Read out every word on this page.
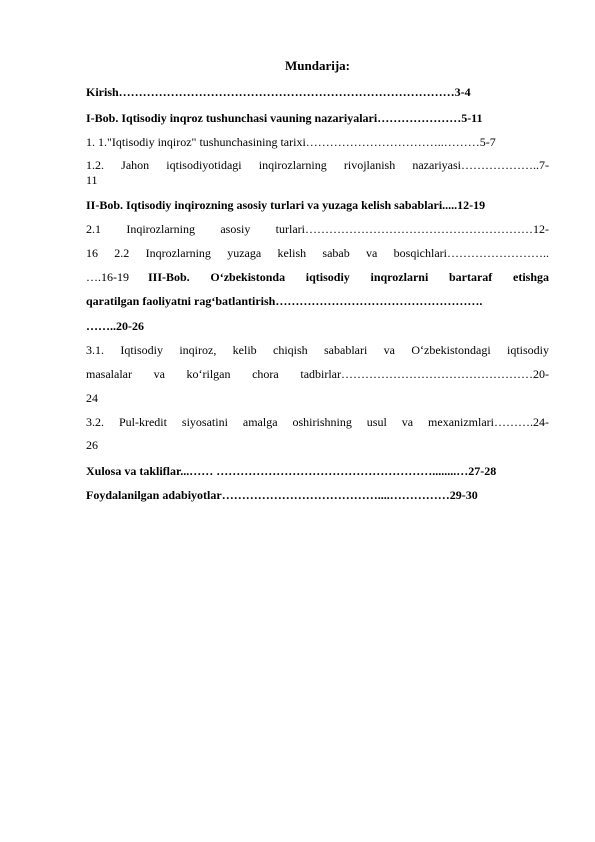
Mundarija:
Kirish…………………………………………………………………………3-4
I-Bob. Iqtisodiy inqroz tushunchasi vauning nazariyalari…………………5-11
1. 1."Iqtisodiy inqiroz" tushunchasining tarixi……………………………..………5-7
1.2. Jahon iqtisodiyotidagi inqirozlarning rivojlanish nazariyasi………………..7-
11
II-Bob. Iqtisodiy inqirozning asosiy turlari va yuzaga kelish sabablari.....12-19
2.1 Inqirozlarning asosiy turlari…………………………………………………12-
16 2.2 Inqrozlarning yuzaga kelish sabab va bosqichlari……………………..
….16-19 III-Bob. O‘zbekistonda iqtisodiy inqrozlarni bartaraf etishga
qaratilgan faoliyatni rag‘batlantirish…………………………………………….
……..20-26
3.1. Iqtisodiy inqiroz, kelib chiqish sabablari va O‘zbekistondagi iqtisodiy
masalalar va ko‘rilgan chora tadbirlar…………………………………………20-
24
3.2. Pul-kredit siyosatini amalga oshirishning usul va mexanizmlari……….24-
26
Xulosa va takliflar...…… ………………………………………………........…27-28
Foydalanilgan adabiyotlar…………………………………....……………29-30
